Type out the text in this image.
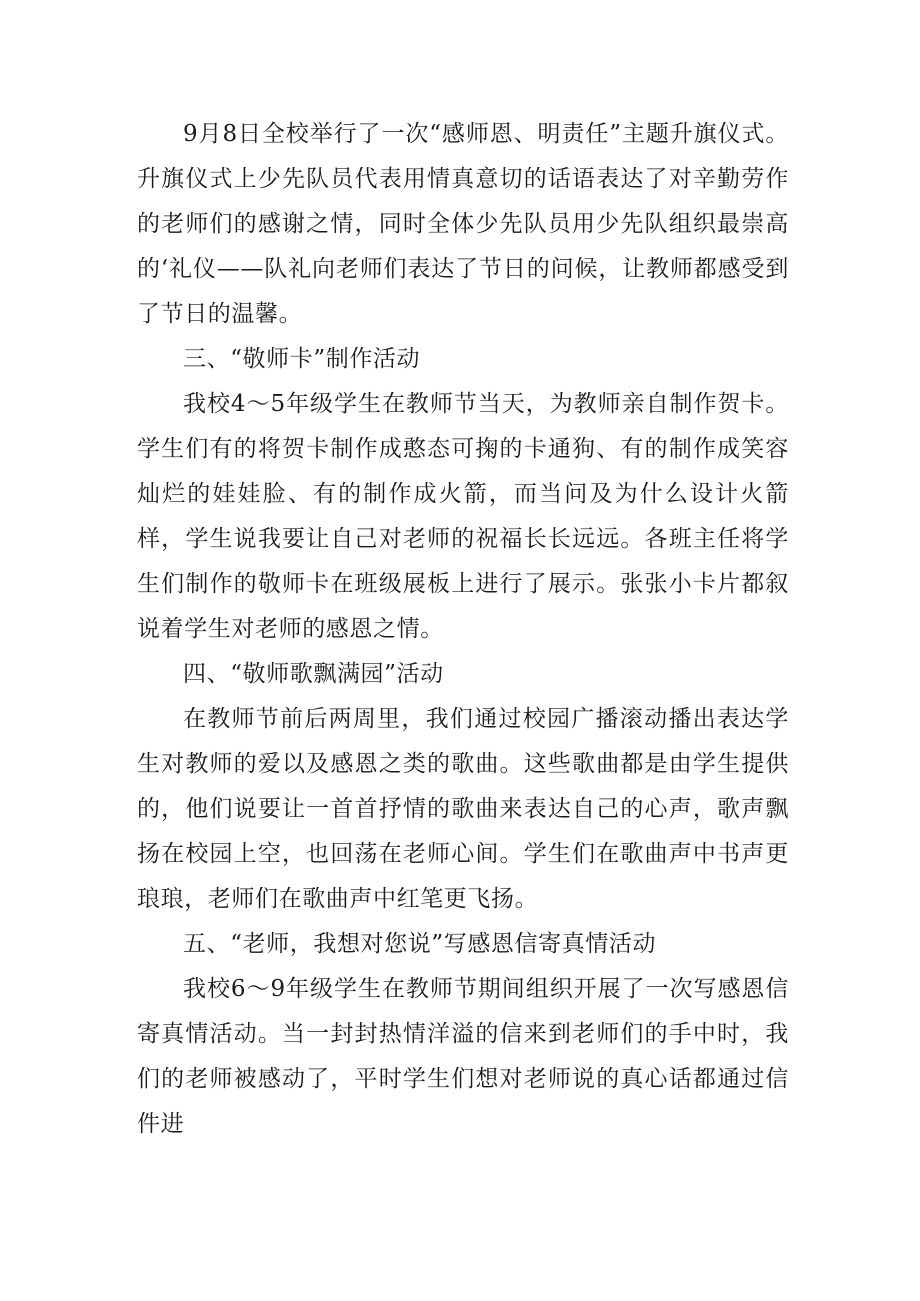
9月8日全校举行了一次“感师恩、明责任”主题升旗仪式。升旗仪式上少先队员代表用情真意切的话语表达了对辛勤劳作的老师们的感谢之情，同时全体少先队员用少先队组织最崇高的‘礼仪——队礼向老师们表达了节日的问候，让教师都感受到了节日的温馨。

三、“敬师卡”制作活动

我校4～5年级学生在教师节当天，为教师亲自制作贺卡。学生们有的将贺卡制作成憨态可掬的卡通狗、有的制作成笑容灿烂的娃娃脸、有的制作成火箭，而当问及为什么设计火箭样，学生说我要让自己对老师的祝福长长远远。各班主任将学生们制作的敬师卡在班级展板上进行了展示。张张小卡片都叙说着学生对老师的感恩之情。

四、“敬师歌飘满园”活动

在教师节前后两周里，我们通过校园广播滚动播出表达学生对教师的爱以及感恩之类的歌曲。这些歌曲都是由学生提供的，他们说要让一首首抒情的歌曲来表达自己的心声，歌声飘扬在校园上空，也回荡在老师心间。学生们在歌曲声中书声更琅琅，老师们在歌曲声中红笔更飞扬。

五、“老师，我想对您说”写感恩信寄真情活动

我校6～9年级学生在教师节期间组织开展了一次写感恩信寄真情活动。当一封封热情洋溢的信来到老师们的手中时，我们的老师被感动了，平时学生们想对老师说的真心话都通过信件进
